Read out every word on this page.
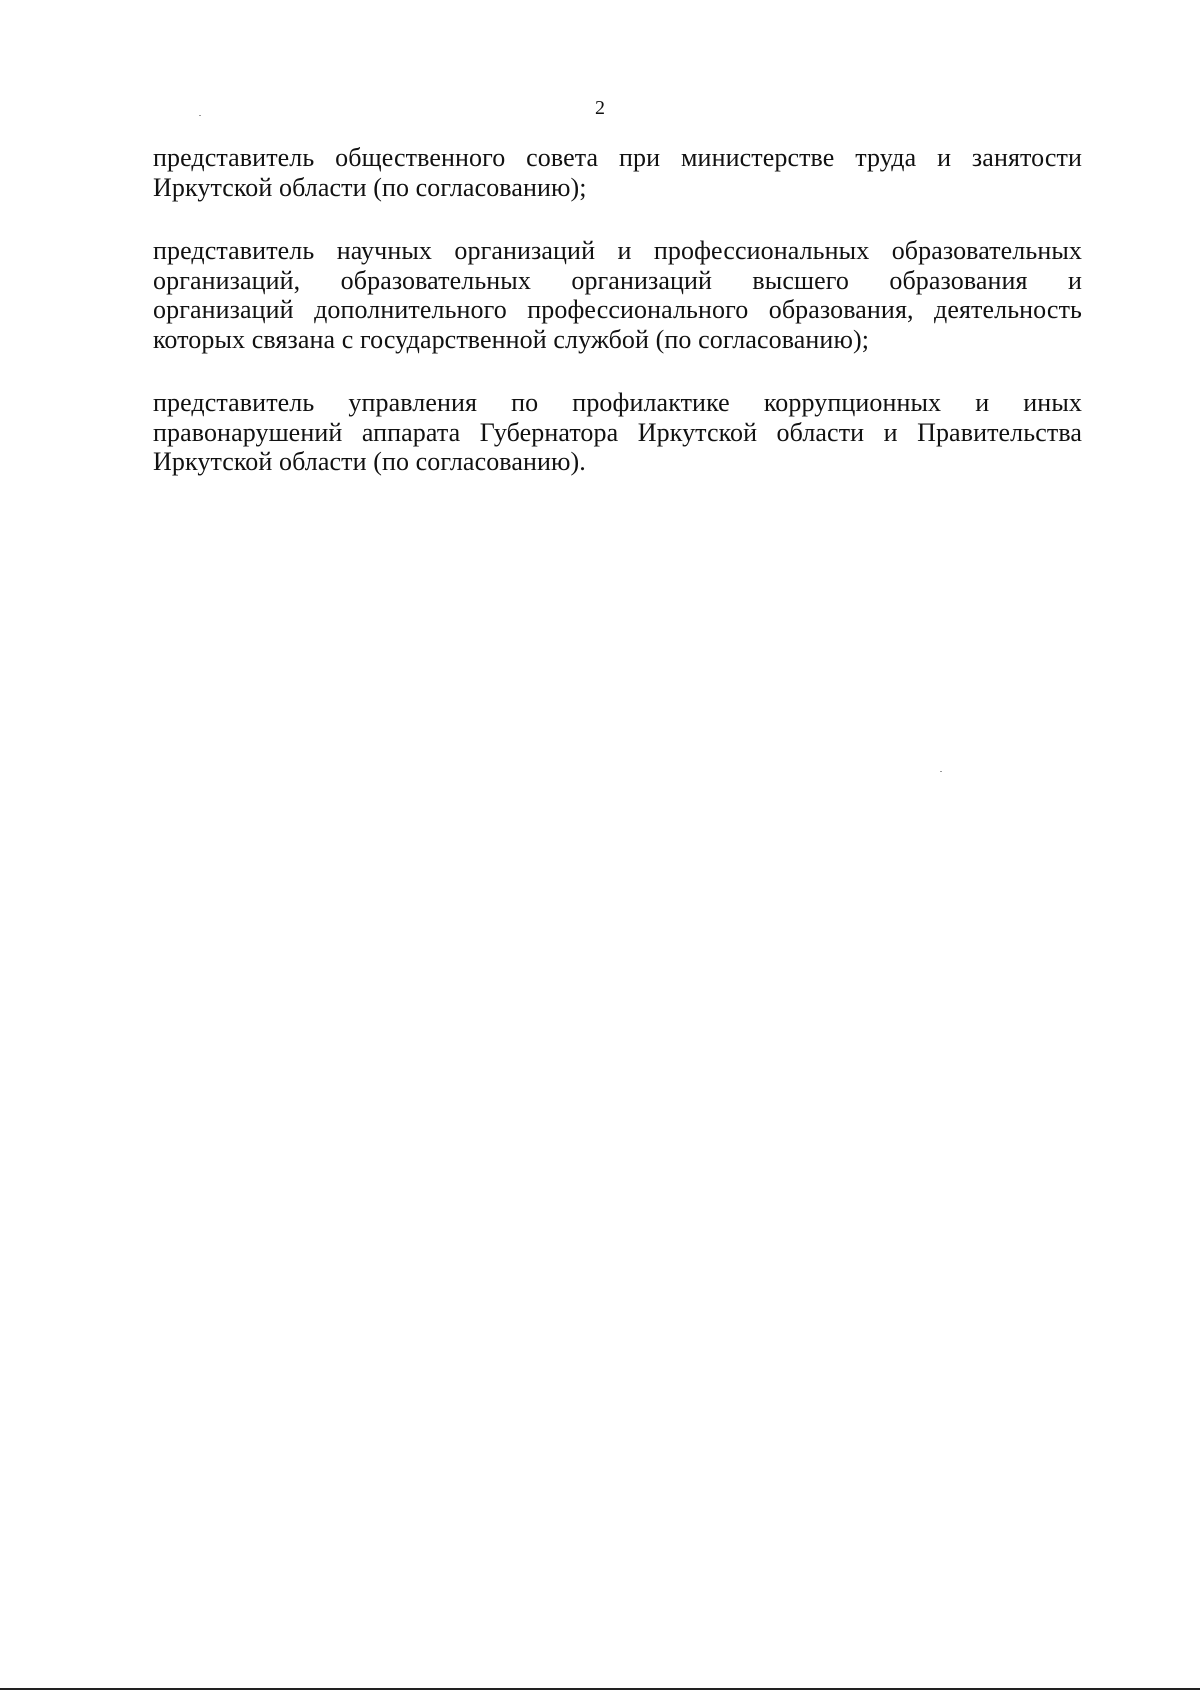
2

представитель общественного совета при министерстве труда и занятости
Иркутской области (по согласованию);

представитель научных организаций и профессиональных образовательных
организаций, образовательных организаций высшего образования и
организаций дополнительного профессионального образования, деятельность
которых связана с государственной службой (по согласованию);

представитель управления по профилактике коррупционных и иных
правонарушений аппарата Губернатора Иркутской области и Правительства
Иркутской области (по согласованию).
